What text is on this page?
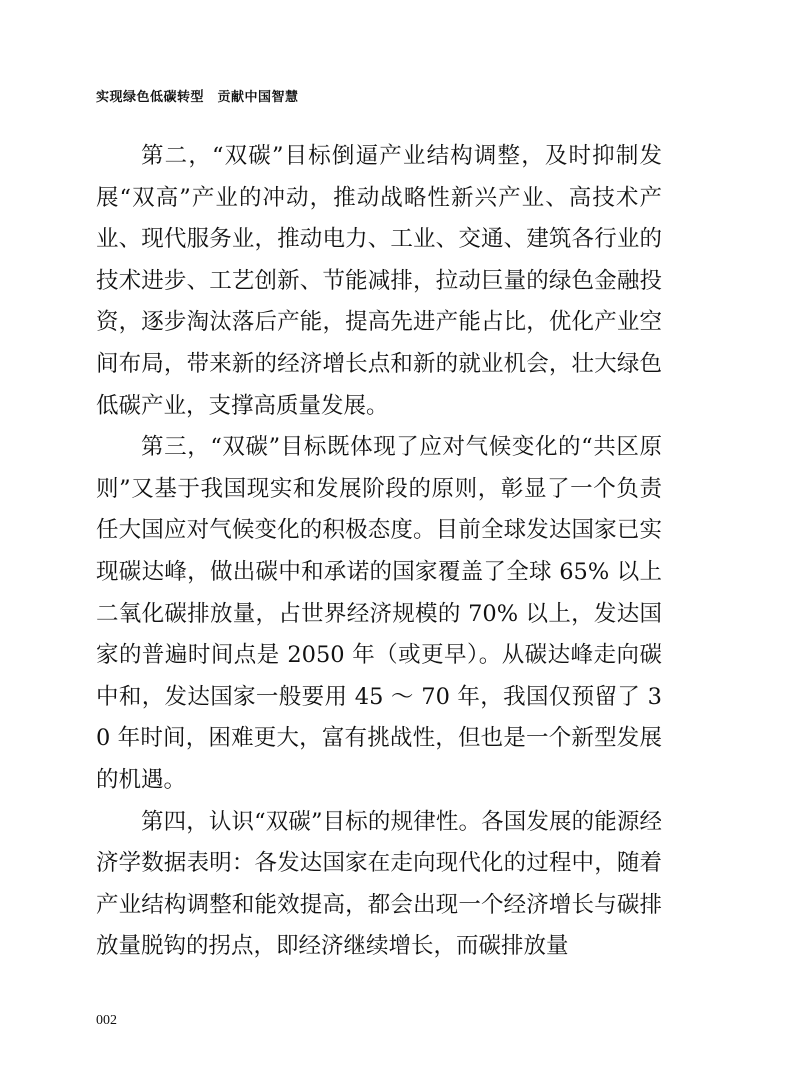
实现绿色低碳转型　贡献中国智慧

第二，“双碳”目标倒逼产业结构调整，及时抑制发展“双高”产业的冲动，推动战略性新兴产业、高技术产业、现代服务业，推动电力、工业、交通、建筑各行业的技术进步、工艺创新、节能减排，拉动巨量的绿色金融投资，逐步淘汰落后产能，提高先进产能占比，优化产业空间布局，带来新的经济增长点和新的就业机会，壮大绿色低碳产业，支撑高质量发展。

第三，“双碳”目标既体现了应对气候变化的“共区原则”又基于我国现实和发展阶段的原则，彰显了一个负责任大国应对气候变化的积极态度。目前全球发达国家已实现碳达峰，做出碳中和承诺的国家覆盖了全球 65% 以上二氧化碳排放量，占世界经济规模的 70% 以上，发达国家的普遍时间点是 2050 年（或更早）。从碳达峰走向碳中和，发达国家一般要用 45 ～ 70 年，我国仅预留了 30 年时间，困难更大，富有挑战性，但也是一个新型发展的机遇。

第四，认识“双碳”目标的规律性。各国发展的能源经济学数据表明：各发达国家在走向现代化的过程中，随着产业结构调整和能效提高，都会出现一个经济增长与碳排放量脱钩的拐点，即经济继续增长，而碳排放量

002
